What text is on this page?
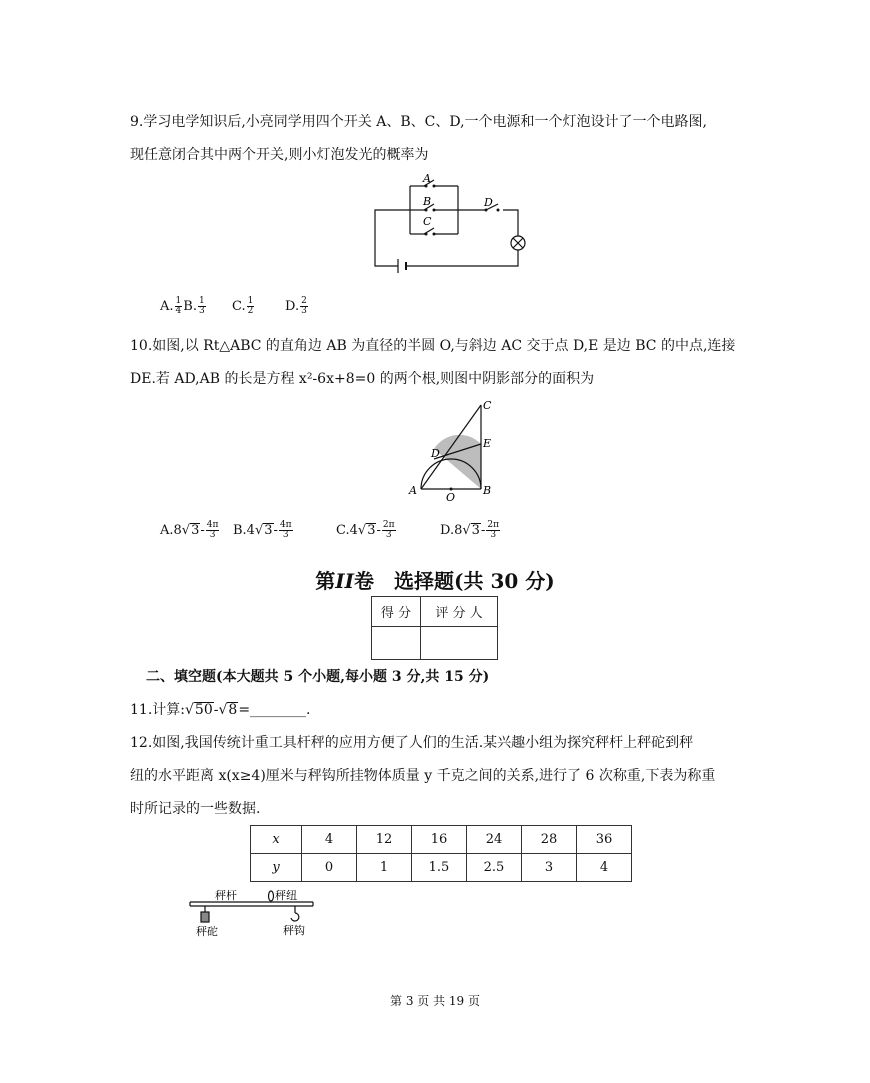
9.学习电学知识后,小亮同学用四个开关 A、B、C、D,一个电源和一个灯泡设计了一个电路图,
现任意闭合其中两个开关,则小灯泡发光的概率为
A
B
C
D
A. $\frac{1}{4} B$. $\frac{1}{3} C$. $\frac{1}{2} D$. $\frac{2}{3}$
10.如图,以 Rt△ABC 的直角边 AB 为直径的半圆 O,与斜边 AC 交于点 D,E 是边 BC 的中点,连接
DE.若 AD,AB 的长是方程 x²-6x+8=0 的两个根,则图中阴影部分的面积为
A	B
C
D
E
O
$A.8√3- \frac{4\pi}{3} B.4√3- \frac{4\pi}{3}$	$C.4√3- \frac{2\pi}{3}$	$D.8√3- \frac{2\pi}{3}$
第II卷　选择题(共 30 分)
得 分	评 分 人

二、填空题(本大题共 5 个小题,每小题 3 分,共 15 分)
11.计算:√50-√8=________.
12.如图,我国传统计重工具杆秤的应用方便了人们的生活.某兴趣小组为探究秤杆上秤砣到秤
纽的水平距离 x(x≥4)厘米与秤钩所挂物体质量 y 千克之间的关系,进行了 6 次称重,下表为称重
时所记录的一些数据.
x	4	12	16	24	28	36
y	0	1	1.5	2.5	3	4
秤杆	秤纽
秤砣	秤钩
第 3 页 共 19 页
